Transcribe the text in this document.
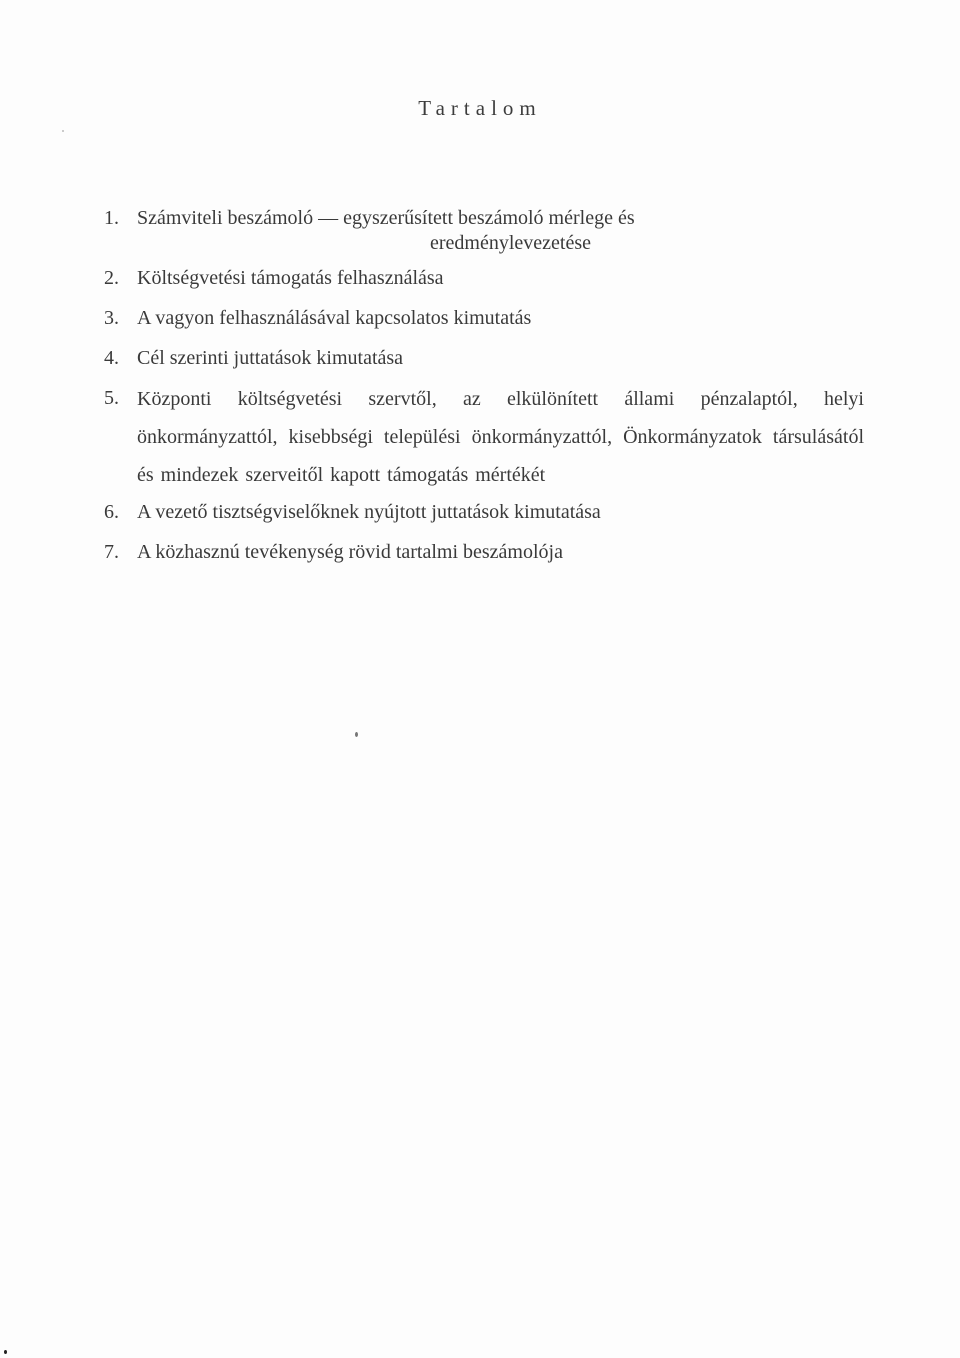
Tartalom
1. Számviteli beszámoló — egyszerűsített beszámoló mérlege és
eredménylevezetése
2. Költségvetési támogatás felhasználása
3. A vagyon felhasználásával kapcsolatos kimutatás
4. Cél szerinti juttatások kimutatása
5. Központi költségvetési szervtől, az elkülönített állami pénzalaptól, helyi önkormányzattól, kisebbségi települési önkormányzattól, Önkormányzatok társulásától és mindezek szerveitől kapott támogatás mértékét
6. A vezető tisztségviselőknek nyújtott juttatások kimutatása
7. A közhasznú tevékenység rövid tartalmi beszámolója
